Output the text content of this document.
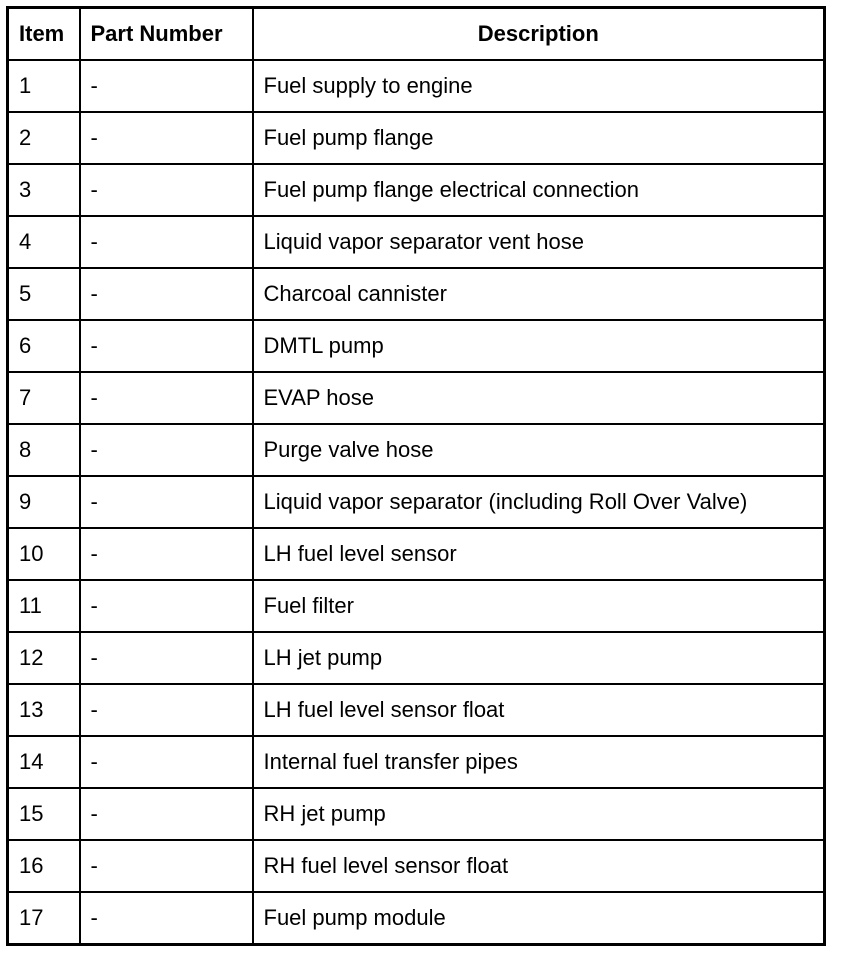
Item	Part Number	Description
1	-	Fuel supply to engine
2	-	Fuel pump flange
3	-	Fuel pump flange electrical connection
4	-	Liquid vapor separator vent hose
5	-	Charcoal cannister
6	-	DMTL pump
7	-	EVAP hose
8	-	Purge valve hose
9	-	Liquid vapor separator (including Roll Over Valve)
10	-	LH fuel level sensor
11	-	Fuel filter
12	-	LH jet pump
13	-	LH fuel level sensor float
14	-	Internal fuel transfer pipes
15	-	RH jet pump
16	-	RH fuel level sensor float
17	-	Fuel pump module
